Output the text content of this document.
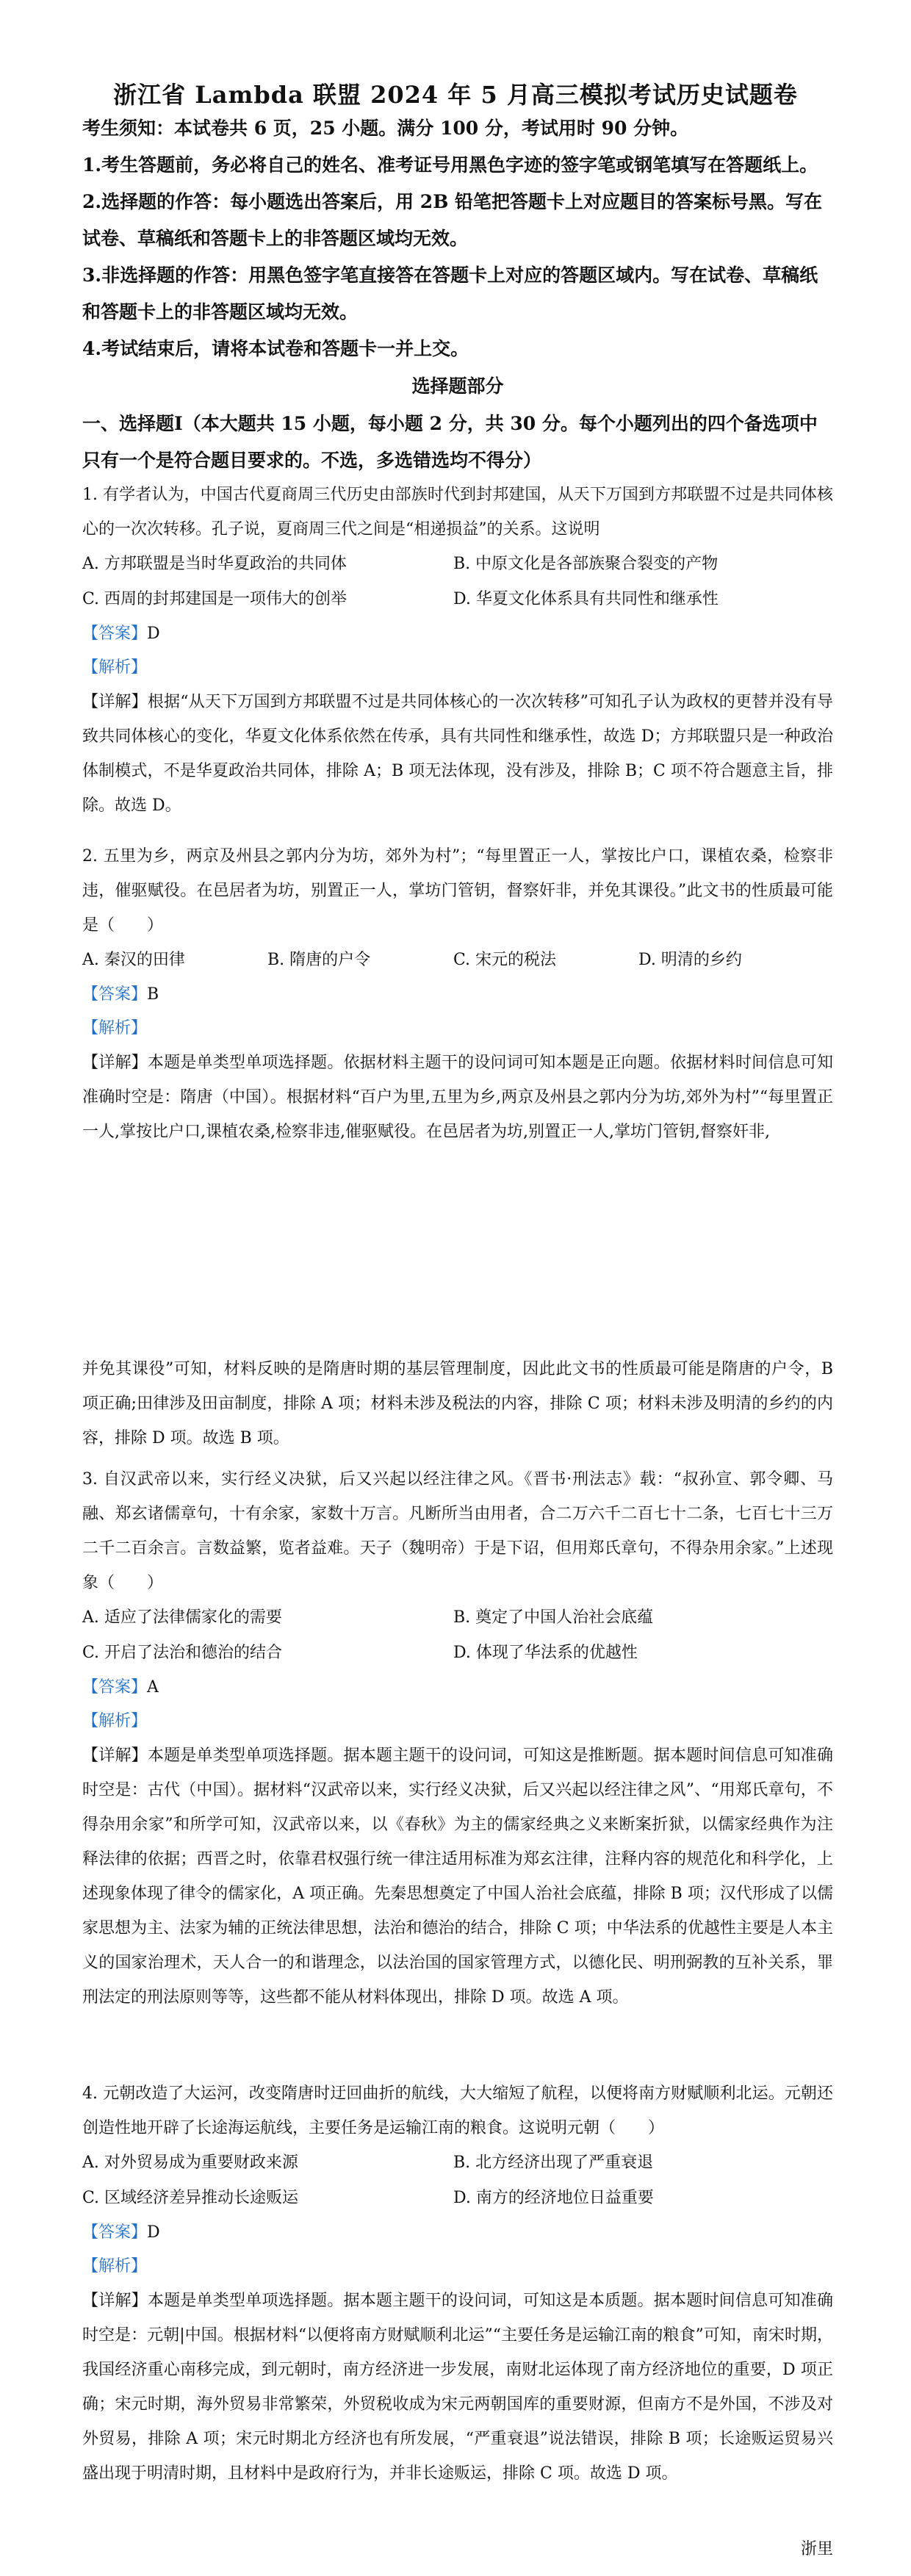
浙江省 Lambda 联盟 2024 年 5 月高三模拟考试历史试题卷
考生须知：本试卷共 6 页，25 小题。满分 100 分，考试用时 90 分钟。
1.考生答题前，务必将自己的姓名、准考证号用黑色字迹的签字笔或钢笔填写在答题纸上。
2.选择题的作答：每小题选出答案后，用 2B 铅笔把答题卡上对应题目的答案标号黑。写在试卷、草稿纸和答题卡上的非答题区域均无效。
3.非选择题的作答：用黑色签字笔直接答在答题卡上对应的答题区域内。写在试卷、草稿纸和答题卡上的非答题区域均无效。
4.考试结束后，请将本试卷和答题卡一并上交。
选择题部分
一、选择题Ⅰ（本大题共 15 小题，每小题 2 分，共 30 分。每个小题列出的四个备选项中只有一个是符合题目要求的。不选，多选错选均不得分）
1. 有学者认为，中国古代夏商周三代历史由部族时代到封邦建国，从天下万国到方邦联盟不过是共同体核心的一次次转移。孔子说，夏商周三代之间是“相递损益”的关系。这说明
A. 方邦联盟是当时华夏政治的共同体	B. 中原文化是各部族聚合裂变的产物
C. 西周的封邦建国是一项伟大的创举	D. 华夏文化体系具有共同性和继承性
【答案】D
【解析】
【详解】根据“从天下万国到方邦联盟不过是共同体核心的一次次转移”可知孔子认为政权的更替并没有导致共同体核心的变化，华夏文化体系依然在传承，具有共同性和继承性，故选 D；方邦联盟只是一种政治体制模式，不是华夏政治共同体，排除 A；B 项无法体现，没有涉及，排除 B；C 项不符合题意主旨，排除。故选 D。
2. 五里为乡，两京及州县之郭内分为坊，郊外为村”；“每里置正一人，掌按比户口，课植农桑，检察非违，催驱赋役。在邑居者为坊，别置正一人，掌坊门管钥，督察奸非，并免其课役。”此文书的性质最可能是（　　）
A. 秦汉的田律	B. 隋唐的户令	C. 宋元的税法	D. 明清的乡约
【答案】B
【解析】
【详解】本题是单类型单项选择题。依据材料主题干的设问词可知本题是正向题。依据材料时间信息可知准确时空是：隋唐（中国）。根据材料“百户为里,五里为乡,两京及州县之郭内分为坊,郊外为村”“每里置正一人,掌按比户口,课植农桑,检察非违,催驱赋役。在邑居者为坊,别置正一人,掌坊门管钥,督察奸非,
并免其课役”可知，材料反映的是隋唐时期的基层管理制度，因此此文书的性质最可能是隋唐的户令，B 项正确;田律涉及田亩制度，排除 A 项；材料未涉及税法的内容，排除 C 项；材料未涉及明清的乡约的内容，排除 D 项。故选 B 项。
3. 自汉武帝以来，实行经义决狱，后又兴起以经注律之风。《晋书·刑法志》载：“叔孙宣、郭令卿、马融、郑玄诸儒章句，十有余家，家数十万言。凡断所当由用者，合二万六千二百七十二条，七百七十三万二千二百余言。言数益繁，览者益难。天子（魏明帝）于是下诏，但用郑氏章句，不得杂用余家。”上述现象（　　）
A. 适应了法律儒家化的需要	B. 奠定了中国人治社会底蕴
C. 开启了法治和德治的结合	D. 体现了华法系的优越性
【答案】A
【解析】
【详解】本题是单类型单项选择题。据本题主题干的设问词，可知这是推断题。据本题时间信息可知准确时空是：古代（中国）。据材料“汉武帝以来，实行经义决狱，后又兴起以经注律之风”、“用郑氏章句，不得杂用余家”和所学可知，汉武帝以来，以《春秋》为主的儒家经典之义来断案折狱，以儒家经典作为注释法律的依据；西晋之时，依靠君权强行统一律注适用标准为郑玄注律，注释内容的规范化和科学化，上述现象体现了律令的儒家化，A 项正确。先秦思想奠定了中国人治社会底蕴，排除 B 项；汉代形成了以儒家思想为主、法家为辅的正统法律思想，法治和德治的结合，排除 C 项；中华法系的优越性主要是人本主义的国家治理术，天人合一的和谐理念，以法治国的国家管理方式，以德化民、明刑弼教的互补关系，罪刑法定的刑法原则等等，这些都不能从材料体现出，排除 D 项。故选 A 项。
4. 元朝改造了大运河，改变隋唐时迂回曲折的航线，大大缩短了航程，以便将南方财赋顺利北运。元朝还创造性地开辟了长途海运航线，主要任务是运输江南的粮食。这说明元朝（　　）
A. 对外贸易成为重要财政来源	B. 北方经济出现了严重衰退
C. 区域经济差异推动长途贩运	D. 南方的经济地位日益重要
【答案】D
【解析】
【详解】本题是单类型单项选择题。据本题主题干的设问词，可知这是本质题。据本题时间信息可知准确时空是：元朝|中国。根据材料“以便将南方财赋顺利北运”“主要任务是运输江南的粮食”可知，南宋时期，我国经济重心南移完成，到元朝时，南方经济进一步发展，南财北运体现了南方经济地位的重要，D 项正确；宋元时期，海外贸易非常繁荣，外贸税收成为宋元两朝国库的重要财源，但南方不是外国，不涉及对外贸易，排除 A 项；宋元时期北方经济也有所发展，“严重衰退”说法错误，排除 B 项；长途贩运贸易兴盛出现于明清时期，且材料中是政府行为，并非长途贩运，排除 C 项。故选 D 项。
浙里
